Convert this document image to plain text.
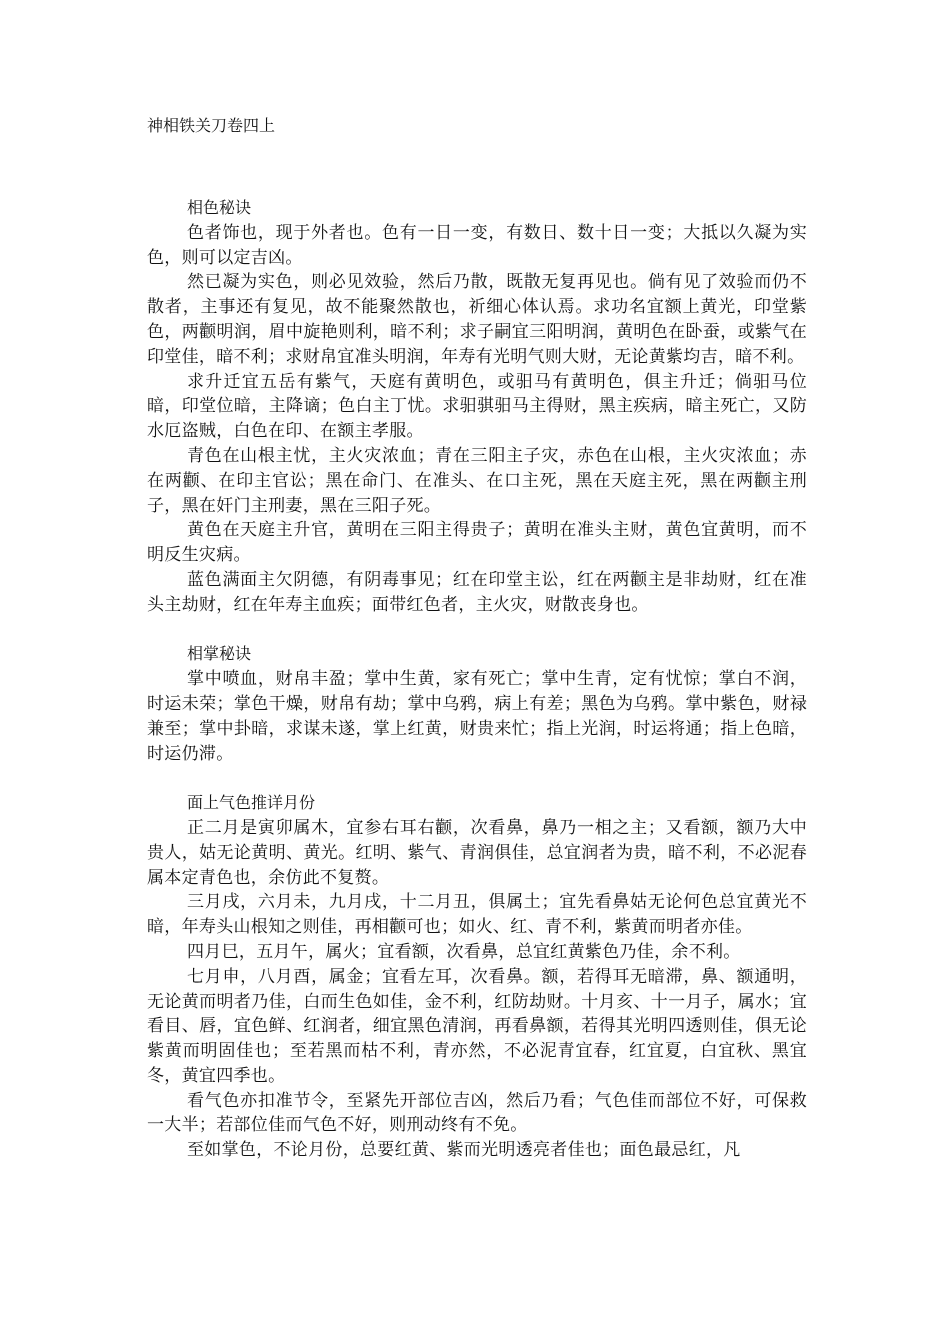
神相铁关刀卷四上
相色秘诀

色者饰也，现于外者也。色有一日一变，有数日、数十日一变；大抵以久凝为实色，则可以定吉凶。

然已凝为实色，则必见效验，然后乃散，既散无复再见也。倘有见了效验而仍不散者，主事还有复见，故不能聚然散也，祈细心体认焉。求功名宜额上黄光，印堂紫色，两颧明润，眉中旋艳则利，暗不利；求子嗣宜三阳明润，黄明色在卧蚕，或紫气在印堂佳，暗不利；求财帛宜准头明润，年寿有光明气则大财，无论黄紫均吉，暗不利。

求升迁宜五岳有紫气，天庭有黄明色，或驲马有黄明色，俱主升迁；倘驲马位暗，印堂位暗，主降谪；色白主丁忧。求驲骐驲马主得财，黑主疾病，暗主死亡，又防水厄盗贼，白色在印、在额主孝服。

青色在山根主忧，主火灾浓血；青在三阳主子灾，赤色在山根，主火灾浓血；赤在两颧、在印主官讼；黑在命门、在准头、在口主死，黑在天庭主死，黑在两颧主刑子，黑在奸门主刑妻，黑在三阳子死。

黄色在天庭主升官，黄明在三阳主得贵子；黄明在准头主财，黄色宜黄明，而不明反生灾病。

蓝色满面主欠阴德，有阴毒事见；红在印堂主讼，红在两颧主是非劫财，红在准头主劫财，红在年寿主血疾；面带红色者，主火灾，财散丧身也。

相掌秘诀

掌中喷血，财帛丰盈；掌中生黄，家有死亡；掌中生青，定有忧惊；掌白不润，时运未荣；掌色干燥，财帛有劫；掌中乌鸦，病上有差；黑色为乌鸦。掌中紫色，财禄兼至；掌中卦暗，求谋未遂，掌上红黄，财贵来忙；指上光润，时运将通；指上色暗，时运仍滞。

面上气色推详月份

正二月是寅卯属木，宜参右耳右颧，次看鼻，鼻乃一相之主；又看额，额乃大中贵人，姑无论黄明、黄光。红明、紫气、青润俱佳，总宜润者为贵，暗不利，不必泥春属本定青色也，余仿此不复赘。

三月戌，六月未，九月戌，十二月丑，俱属土；宜先看鼻姑无论何色总宜黄光不暗，年寿头山根知之则佳，再相颧可也；如火、红、青不利，紫黄而明者亦佳。

四月巳，五月午，属火；宜看额，次看鼻，总宜红黄紫色乃佳，余不利。

七月申，八月酉，属金；宜看左耳，次看鼻。额，若得耳无暗滞，鼻、额通明，无论黄而明者乃佳，白而生色如佳，金不利，红防劫财。十月亥、十一月子，属水；宜看目、唇，宜色鲜、红润者，细宜黑色清润，再看鼻额，若得其光明四透则佳，俱无论紫黄而明固佳也；至若黑而枯不利，青亦然，不必泥青宜春，红宜夏，白宜秋、黑宜冬，黄宜四季也。

看气色亦扣准节令，至紧先开部位吉凶，然后乃看；气色佳而部位不好，可保救一大半；若部位佳而气色不好，则刑动终有不免。

至如掌色，不论月份，总要红黄、紫而光明透亮者佳也；面色最忌红，凡
